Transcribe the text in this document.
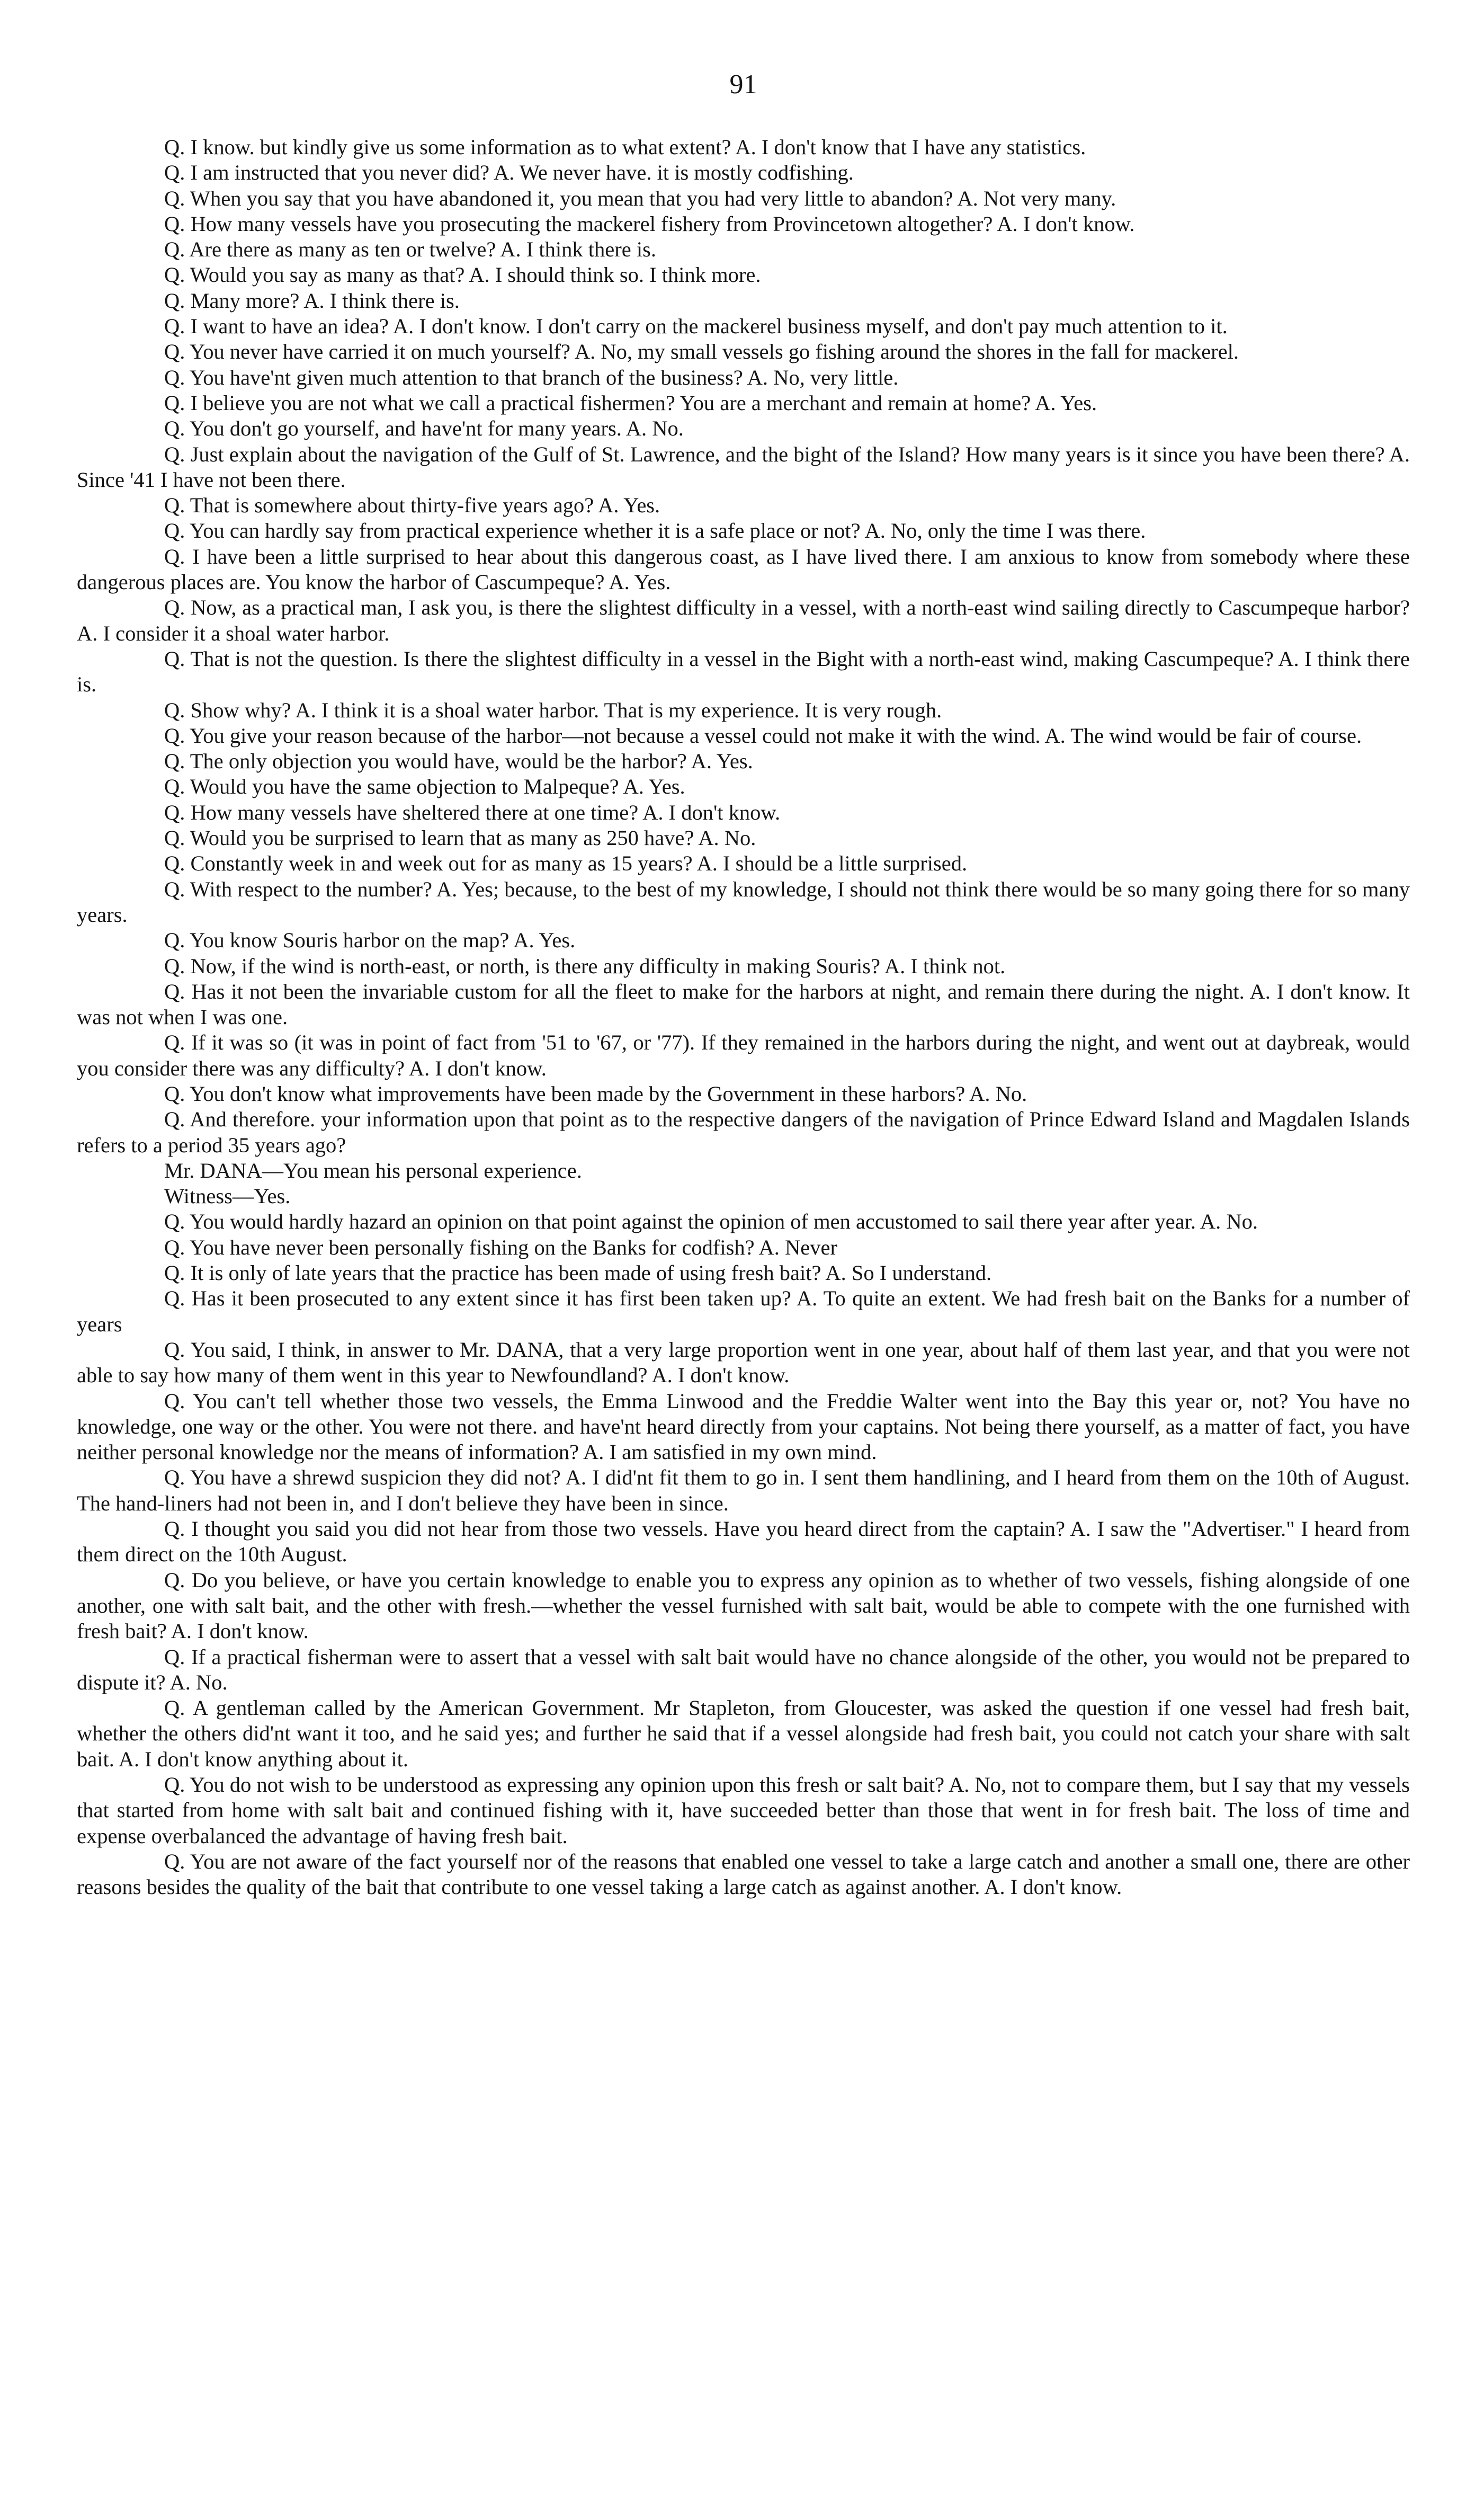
91

Q. I know. but kindly give us some information as to what extent? A. I don't know that I have any statistics.

Q. I am instructed that you never did? A. We never have. it is mostly codfishing.

Q. When you say that you have abandoned it, you mean that you had very little to abandon? A. Not very many.

Q. How many vessels have you prosecuting the mackerel fishery from Provincetown altogether? A. I don't know.

Q. Are there as many as ten or twelve? A. I think there is.

Q. Would you say as many as that? A. I should think so. I think more.

Q. Many more? A. I think there is.

Q. I want to have an idea? A. I don't know. I don't carry on the mackerel business myself, and don't pay much attention to it.

Q. You never have carried it on much yourself? A. No, my small vessels go fishing around the shores in the fall for mackerel.

Q. You have'nt given much attention to that branch of the business? A. No, very little.

Q. I believe you are not what we call a practical fishermen? You are a merchant and remain at home? A. Yes.

Q. You don't go yourself, and have'nt for many years. A. No.

Q. Just explain about the navigation of the Gulf of St. Lawrence, and the bight of the Island? How many years is it since you have been there? A. Since '41 I have not been there.

Q. That is somewhere about thirty-five years ago? A. Yes.

Q. You can hardly say from practical experience whether it is a safe place or not? A. No, only the time I was there.

Q. I have been a little surprised to hear about this dangerous coast, as I have lived there. I am anxious to know from somebody where these dangerous places are. You know the harbor of Cascumpeque? A. Yes.

Q. Now, as a practical man, I ask you, is there the slightest difficulty in a vessel, with a north-east wind sailing directly to Cascumpeque harbor? A. I consider it a shoal water harbor.

Q. That is not the question. Is there the slightest difficulty in a vessel in the Bight with a north-east wind, making Cascumpeque? A. I think there is.

Q. Show why? A. I think it is a shoal water harbor. That is my experience. It is very rough.

Q. You give your reason because of the harbor—not because a vessel could not make it with the wind. A. The wind would be fair of course.

Q. The only objection you would have, would be the harbor? A. Yes.

Q. Would you have the same objection to Malpeque? A. Yes.

Q. How many vessels have sheltered there at one time? A. I don't know.

Q. Would you be surprised to learn that as many as 250 have? A. No.

Q. Constantly week in and week out for as many as 15 years? A. I should be a little surprised.

Q. With respect to the number? A. Yes; because, to the best of my knowledge, I should not think there would be so many going there for so many years.

Q. You know Souris harbor on the map? A. Yes.

Q. Now, if the wind is north-east, or north, is there any difficulty in making Souris? A. I think not.

Q. Has it not been the invariable custom for all the fleet to make for the harbors at night, and remain there during the night. A. I don't know. It was not when I was one.

Q. If it was so (it was in point of fact from '51 to '67, or '77). If they remained in the harbors during the night, and went out at daybreak, would you consider there was any difficulty? A. I don't know.

Q. You don't know what improvements have been made by the Government in these harbors? A. No.

Q. And therefore. your information upon that point as to the respective dangers of the navigation of Prince Edward Island and Magdalen Islands refers to a period 35 years ago?

Mr. DANA—You mean his personal experience.

Witness—Yes.

Q. You would hardly hazard an opinion on that point against the opinion of men accustomed to sail there year after year. A. No.

Q. You have never been personally fishing on the Banks for codfish? A. Never

Q. It is only of late years that the practice has been made of using fresh bait? A. So I understand.

Q. Has it been prosecuted to any extent since it has first been taken up? A. To quite an extent. We had fresh bait on the Banks for a number of years

Q. You said, I think, in answer to Mr. DANA, that a very large proportion went in one year, about half of them last year, and that you were not able to say how many of them went in this year to Newfoundland? A. I don't know.

Q. You can't tell whether those two vessels, the Emma Linwood and the Freddie Walter went into the Bay this year or, not? You have no knowledge, one way or the other. You were not there. and have'nt heard directly from your captains. Not being there yourself, as a matter of fact, you have neither personal knowledge nor the means of information? A. I am satisfied in my own mind.

Q. You have a shrewd suspicion they did not? A. I did'nt fit them to go in. I sent them handlining, and I heard from them on the 10th of August. The hand-liners had not been in, and I don't believe they have been in since.

Q. I thought you said you did not hear from those two vessels. Have you heard direct from the captain? A. I saw the "Advertiser." I heard from them direct on the 10th August.

Q. Do you believe, or have you certain knowledge to enable you to express any opinion as to whether of two vessels, fishing alongside of one another, one with salt bait, and the other with fresh.—whether the vessel furnished with salt bait, would be able to compete with the one furnished with fresh bait? A. I don't know.

Q. If a practical fisherman were to assert that a vessel with salt bait would have no chance alongside of the other, you would not be prepared to dispute it? A. No.

Q. A gentleman called by the American Government. Mr Stapleton, from Gloucester, was asked the question if one vessel had fresh bait, whether the others did'nt want it too, and he said yes; and further he said that if a vessel alongside had fresh bait, you could not catch your share with salt bait. A. I don't know anything about it.

Q. You do not wish to be understood as expressing any opinion upon this fresh or salt bait? A. No, not to compare them, but I say that my vessels that started from home with salt bait and continued fishing with it, have succeeded better than those that went in for fresh bait. The loss of time and expense overbalanced the advantage of having fresh bait.

Q. You are not aware of the fact yourself nor of the reasons that enabled one vessel to take a large catch and another a small one, there are other reasons besides the quality of the bait that contribute to one vessel taking a large catch as against another. A. I don't know.
